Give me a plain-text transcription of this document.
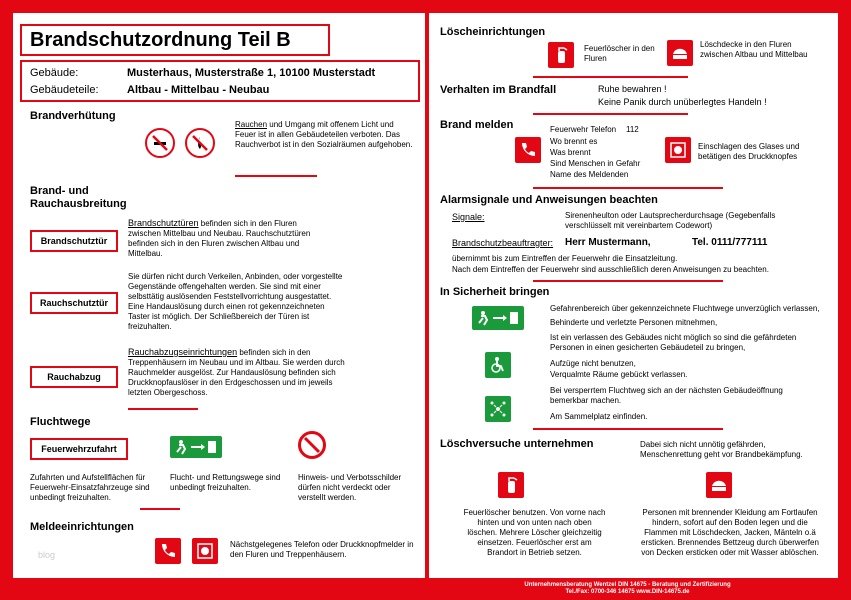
Brandschutzordnung Teil B
Gebäude:	Musterhaus, Musterstraße 1, 10100 Musterstadt
Gebäudeteile:	Altbau - Mittelbau - Neubau
Brandverhütung
Rauchen und Umgang mit offenem Licht und Feuer ist in allen Gebäudeteilen verboten. Das Rauchverbot ist in den Sozialräumen aufgehoben.
Brand- und
Rauchausbreitung
Brandschutztür
Brandschutztüren befinden sich in den Fluren zwischen Mittelbau und Neubau. Rauchschutztüren befinden sich in den Fluren zwischen Altbau und Mittelbau.
Rauchschutztür
Sie dürfen nicht durch Verkeilen, Anbinden, oder vorgestellte Gegenstände offengehalten werden. Sie sind mit einer selbsttätig auslösenden Feststellvorrichtung ausgestattet. Eine Handauslösung durch einen rot gekennzeichneten Taster ist möglich. Der Schließbereich der Türen ist freizuhalten.
Rauchabzug
Rauchabzugseinrichtungen befinden sich in den Treppenhäusern im Neubau und im Altbau. Sie werden durch Rauchmelder ausgelöst. Zur Handauslösung befinden sich Druckknopfauslöser in den Erdgeschossen und im jeweils letzten Obergeschoss.
Fluchtwege
Feuerwehrzufahrt
Zufahrten und Aufstellflächen für Feuerwehr-Einsatzfahrzeuge sind unbedingt freizuhalten.
Flucht- und Rettungswege sind unbedingt freizuhalten.
Hinweis- und Verbotsschilder dürfen nicht verdeckt oder verstellt werden.
Meldeeinrichtungen
Nächstgelegenes Telefon oder Druckknopfmelder in den Fluren und Treppenhäusern.
blog
Löscheinrichtungen
Feuerlöscher in den Fluren
Löschdecke in den Fluren zwischen Altbau und Mittelbau
Verhalten im Brandfall	Ruhe bewahren !
Keine Panik durch unüberlegtes Handeln !
Brand melden	Feuerwehr Telefon 112
Wo brennt es
Was brennt
Sind Menschen in Gefahr
Name des Meldenden
Einschlagen des Glases und betätigen des Druckknopfes
Alarmsignale und Anweisungen beachten
Signale:	Sirenenheulton oder Lautsprecherdurchsage (Gegebenfalls verschlüsselt mit vereinbartem Codewort)
Brandschutzbeauftragter: Herr Mustermann,	Tel. 0111/777111
übernimmt bis zum Eintreffen der Feuerwehr die Einsatzleitung.
Nach dem Eintreffen der Feuerwehr sind ausschließlich deren Anweisungen zu beachten.
In Sicherheit bringen
Gefahrenbereich über gekennzeichnete Fluchtwege unverzüglich verlassen,
Behinderte und verletzte Personen mitnehmen,
Ist ein verlassen des Gebäudes nicht möglich so sind die gefährdeten Personen in einen gesicherten Gebäudeteil zu bringen,
Aufzüge nicht benutzen,
Verqualmte Räume gebückt verlassen.
Bei versperrtem Fluchtweg sich an der nächsten Gebäudeöffnung bemerkbar machen.
Am Sammelplatz einfinden.
Löschversuche unternehmen	Dabei sich nicht unnötig gefährden, Menschenrettung geht vor Brandbekämpfung.
Feuerlöscher benutzen. Von vorne nach hinten und von unten nach oben löschen. Mehrere Löscher gleichzeitig einsetzen. Feuerlöscher erst am Brandort in Betrieb setzen.
Personen mit brennender Kleidung am Fortlaufen hindern, sofort auf den Boden legen und die Flammen mit Löschdecken, Jacken, Mänteln o.ä ersticken. Brennendes Bettzeug durch überwerfen von Decken ersticken oder mit Wasser ablöschen.
Unternehmensberatung Wentzel DIN 14675 - Beratung und Zertifizierung
Tel./Fax: 0700-346 14675 www.DIN-14675.de
